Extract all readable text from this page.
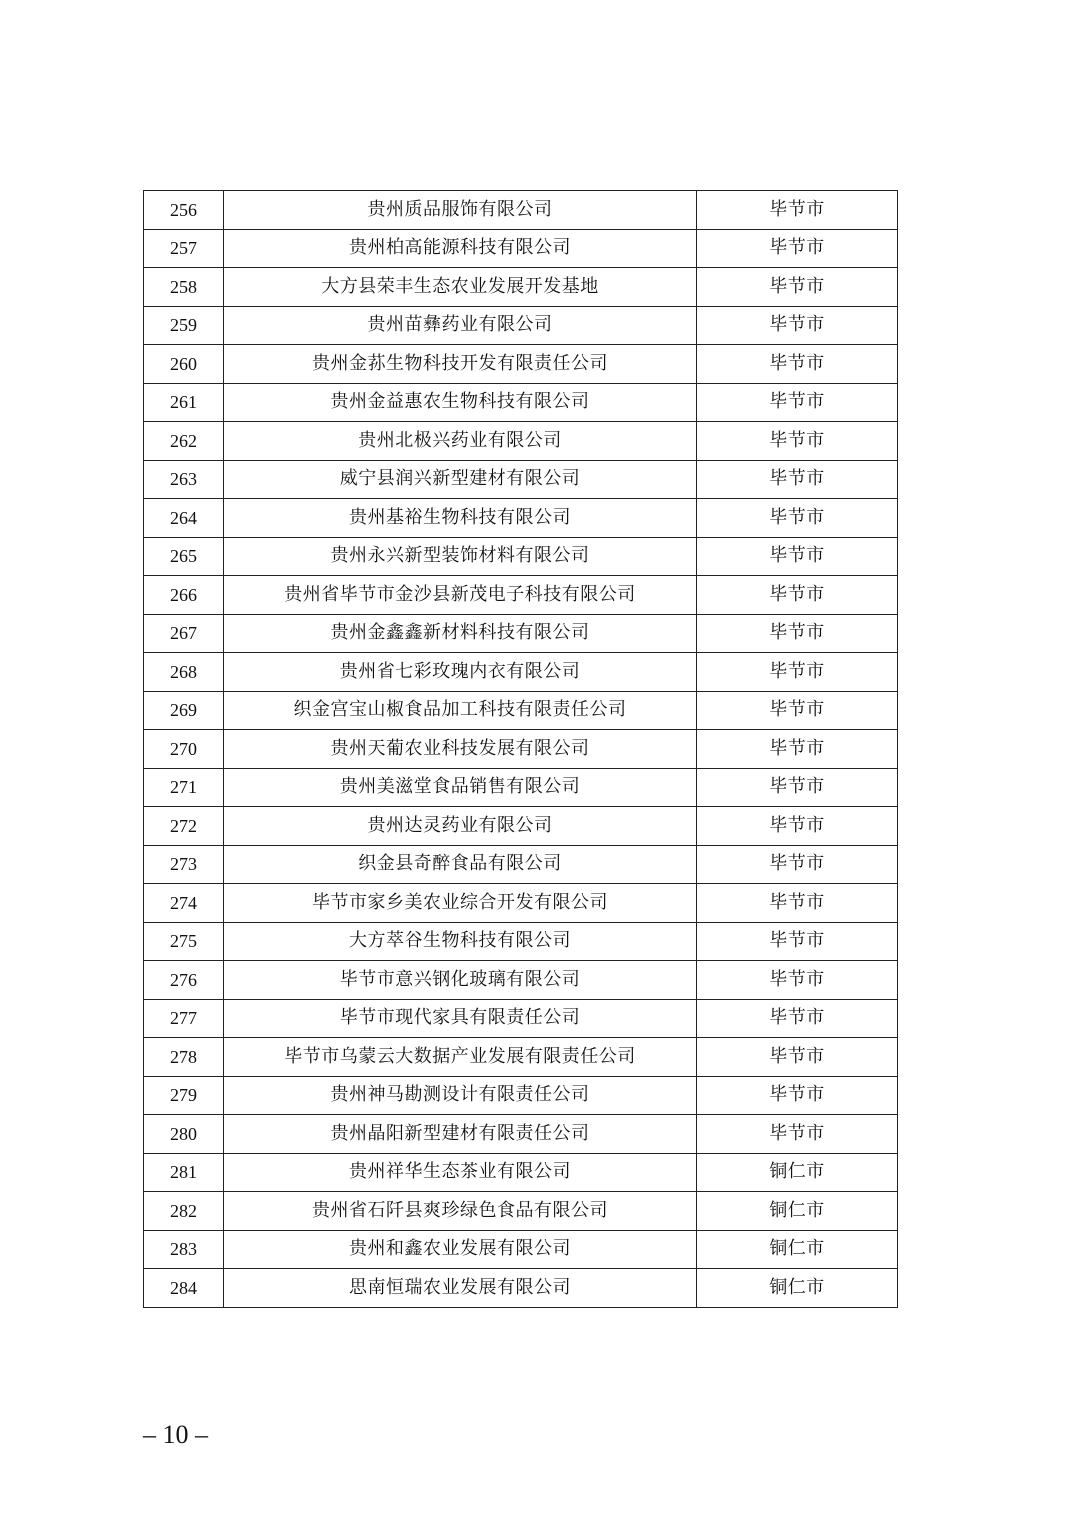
256	贵州质品服饰有限公司	毕节市
257	贵州柏高能源科技有限公司	毕节市
258	大方县荣丰生态农业发展开发基地	毕节市
259	贵州苗彝药业有限公司	毕节市
260	贵州金荪生物科技开发有限责任公司	毕节市
261	贵州金益惠农生物科技有限公司	毕节市
262	贵州北极兴药业有限公司	毕节市
263	威宁县润兴新型建材有限公司	毕节市
264	贵州基裕生物科技有限公司	毕节市
265	贵州永兴新型装饰材料有限公司	毕节市
266	贵州省毕节市金沙县新茂电子科技有限公司	毕节市
267	贵州金鑫鑫新材料科技有限公司	毕节市
268	贵州省七彩玫瑰内衣有限公司	毕节市
269	织金宫宝山椒食品加工科技有限责任公司	毕节市
270	贵州天葡农业科技发展有限公司	毕节市
271	贵州美滋堂食品销售有限公司	毕节市
272	贵州达灵药业有限公司	毕节市
273	织金县奇醉食品有限公司	毕节市
274	毕节市家乡美农业综合开发有限公司	毕节市
275	大方萃谷生物科技有限公司	毕节市
276	毕节市意兴钢化玻璃有限公司	毕节市
277	毕节市现代家具有限责任公司	毕节市
278	毕节市乌蒙云大数据产业发展有限责任公司	毕节市
279	贵州神马勘测设计有限责任公司	毕节市
280	贵州晶阳新型建材有限责任公司	毕节市
281	贵州祥华生态茶业有限公司	铜仁市
282	贵州省石阡县爽珍绿色食品有限公司	铜仁市
283	贵州和鑫农业发展有限公司	铜仁市
284	思南恒瑞农业发展有限公司	铜仁市
– 10 –
